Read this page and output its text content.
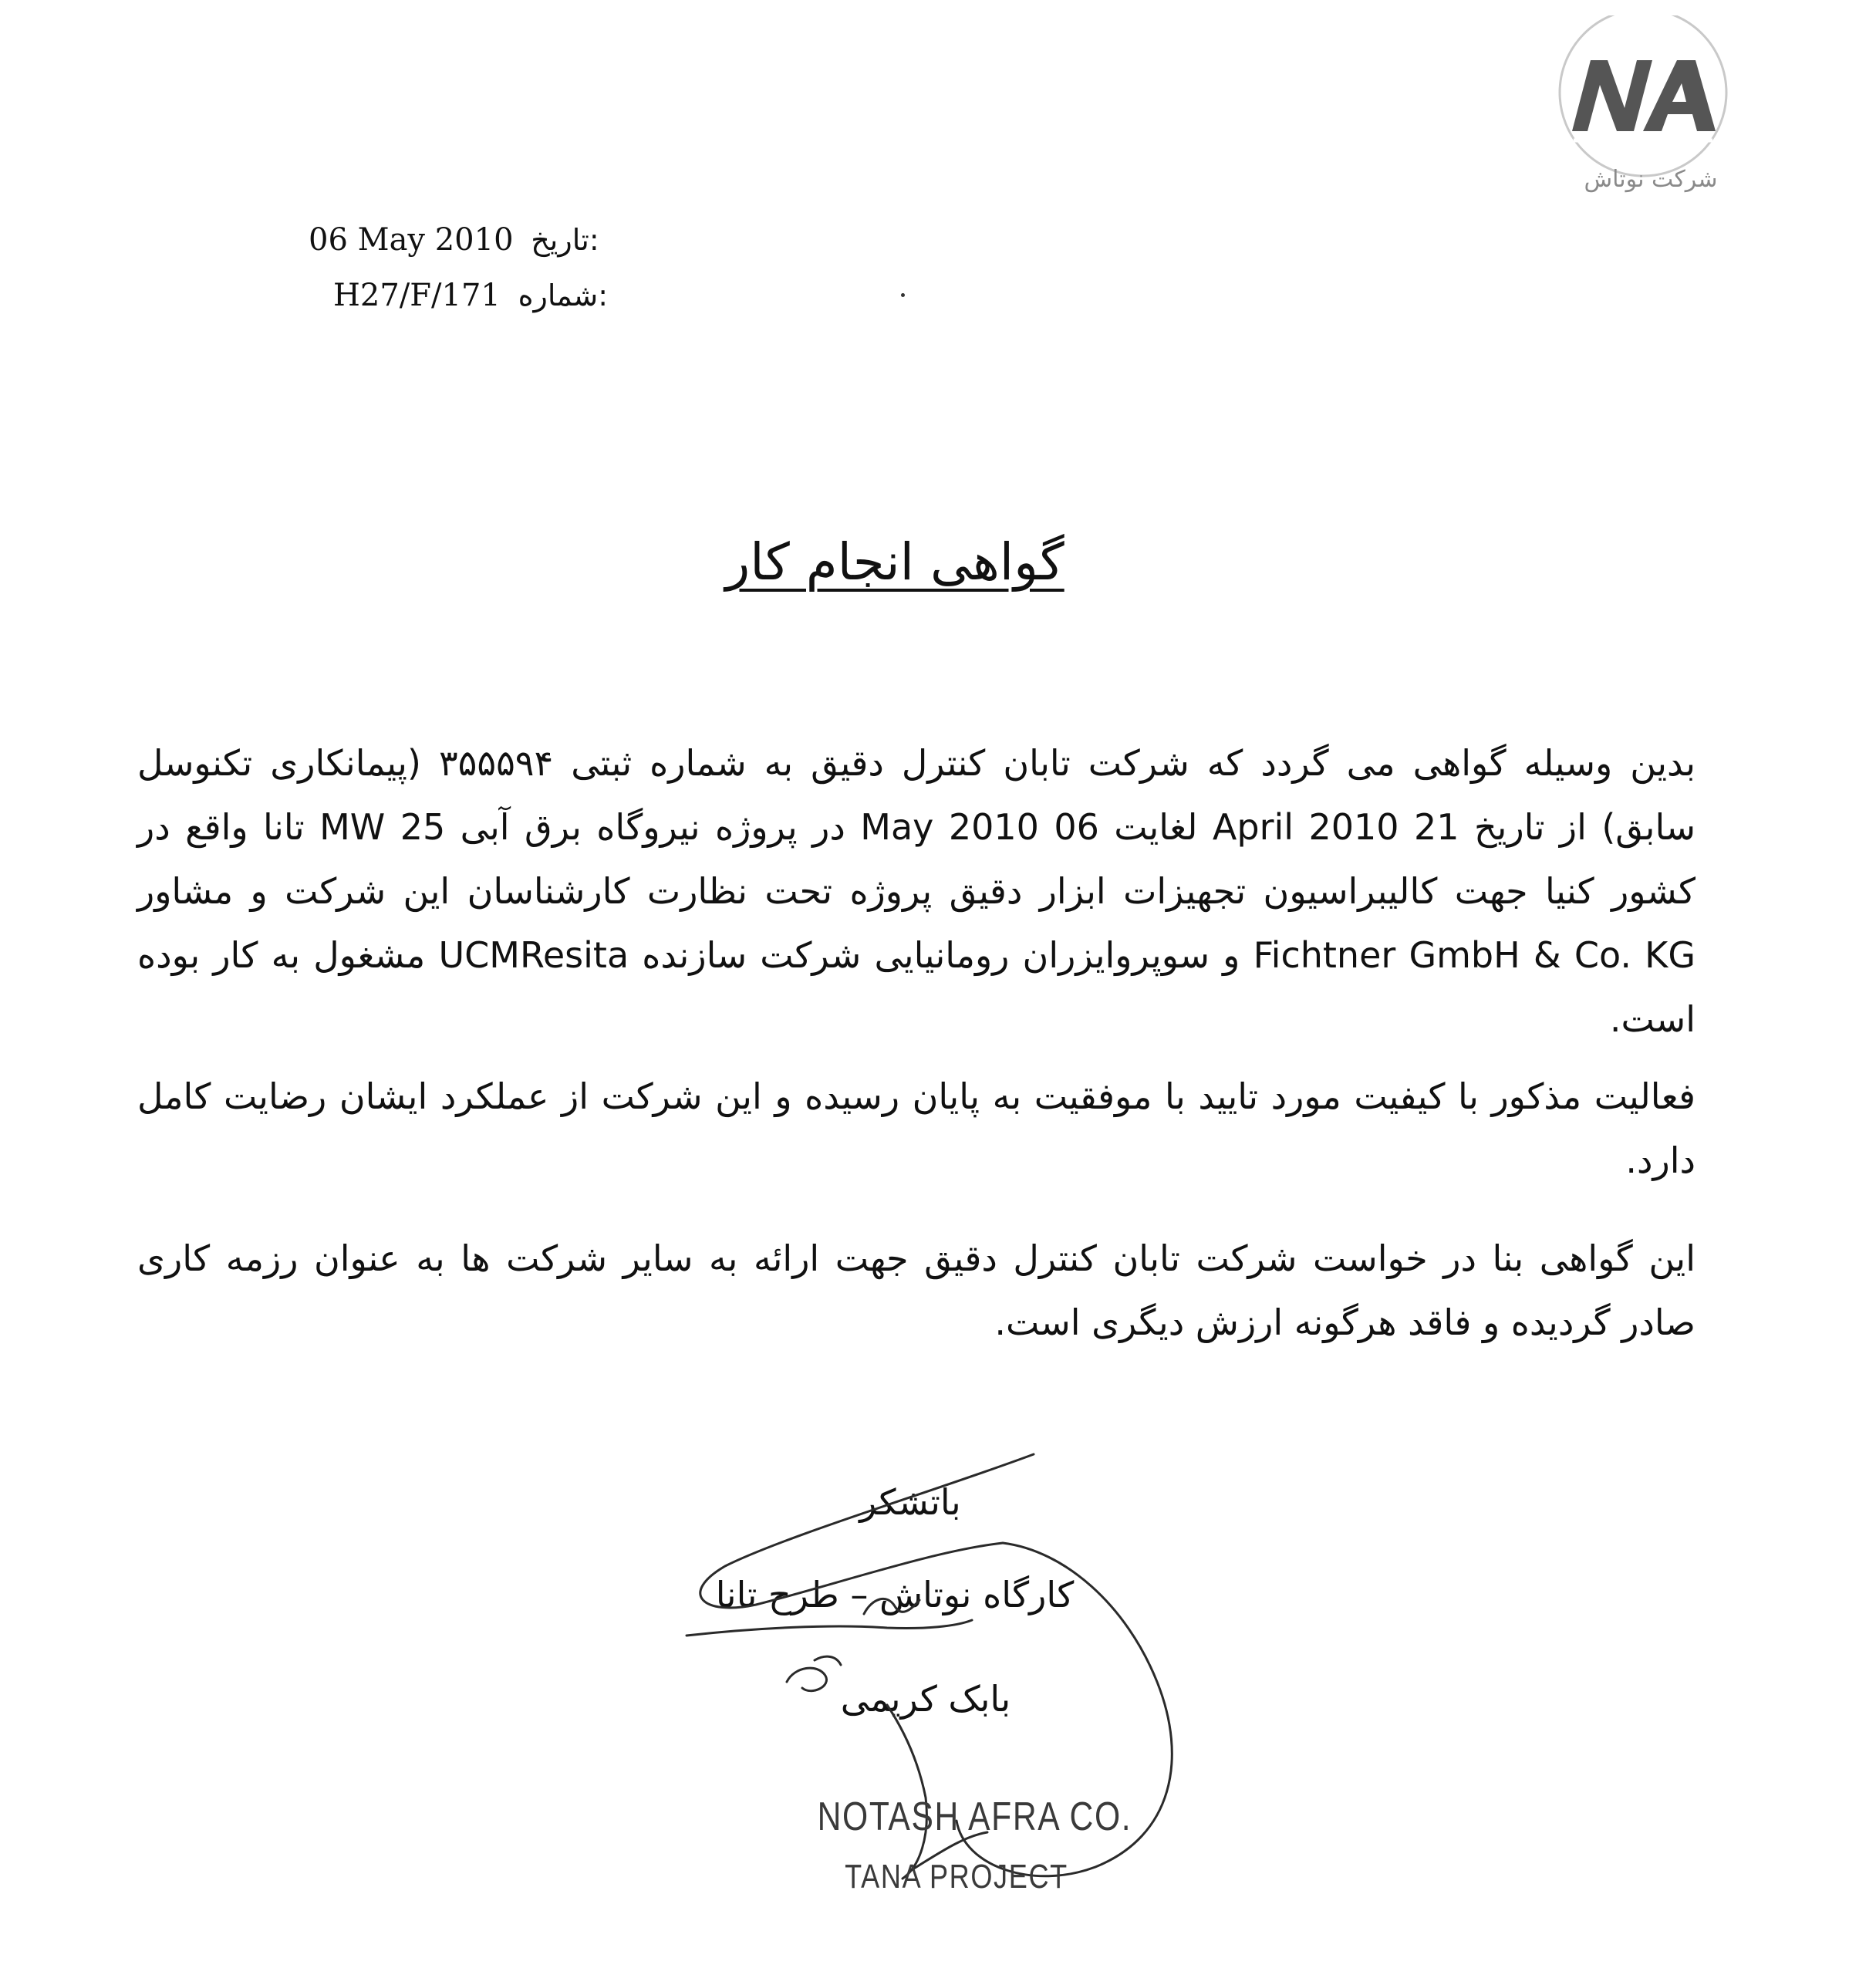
شرکت نوتاش
06 May 2010 تاریخ:
H27/F/171 شماره:
گواهی انجام کار
بدین وسیله گواهی می گردد که شرکت تابان کنترل دقیق به شماره ثبتی ۳۵۵۵۹۴ (پیمانکاری تکنوسل سابق) از تاریخ 21 April 2010 لغایت 06 May 2010 در پروژه نیروگاه برق آبی 25 MW تانا واقع در کشور کنیا جهت کالیبراسیون تجهیزات ابزار دقیق پروژه تحت نظارت کارشناسان این شرکت و مشاور Fichtner GmbH & Co. KG و سوپروایزران رومانیایی شرکت سازنده UCMResita مشغول به کار بوده است.
فعالیت مذکور با کیفیت مورد تایید با موفقیت به پایان رسیده و این شرکت از عملکرد ایشان رضایت کامل دارد.
این گواهی بنا در خواست شرکت تابان کنترل دقیق جهت ارائه به سایر شرکت ها به عنوان رزمه کاری صادر گردیده و فاقد هرگونه ارزش دیگری است.
باتشکر
کارگاه نوتاش – طرح تانا
بابک کریمی
NOTASH AFRA CO.
TANA PROJECT
